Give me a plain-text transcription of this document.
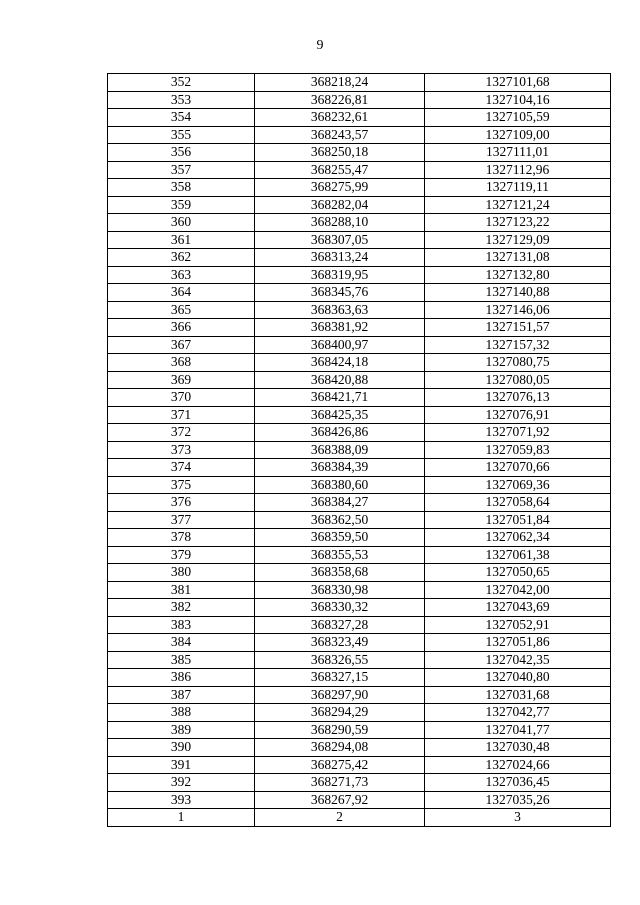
9
352	368218,24	1327101,68
353	368226,81	1327104,16
354	368232,61	1327105,59
355	368243,57	1327109,00
356	368250,18	1327111,01
357	368255,47	1327112,96
358	368275,99	1327119,11
359	368282,04	1327121,24
360	368288,10	1327123,22
361	368307,05	1327129,09
362	368313,24	1327131,08
363	368319,95	1327132,80
364	368345,76	1327140,88
365	368363,63	1327146,06
366	368381,92	1327151,57
367	368400,97	1327157,32
368	368424,18	1327080,75
369	368420,88	1327080,05
370	368421,71	1327076,13
371	368425,35	1327076,91
372	368426,86	1327071,92
373	368388,09	1327059,83
374	368384,39	1327070,66
375	368380,60	1327069,36
376	368384,27	1327058,64
377	368362,50	1327051,84
378	368359,50	1327062,34
379	368355,53	1327061,38
380	368358,68	1327050,65
381	368330,98	1327042,00
382	368330,32	1327043,69
383	368327,28	1327052,91
384	368323,49	1327051,86
385	368326,55	1327042,35
386	368327,15	1327040,80
387	368297,90	1327031,68
388	368294,29	1327042,77
389	368290,59	1327041,77
390	368294,08	1327030,48
391	368275,42	1327024,66
392	368271,73	1327036,45
393	368267,92	1327035,26
1	2	3
